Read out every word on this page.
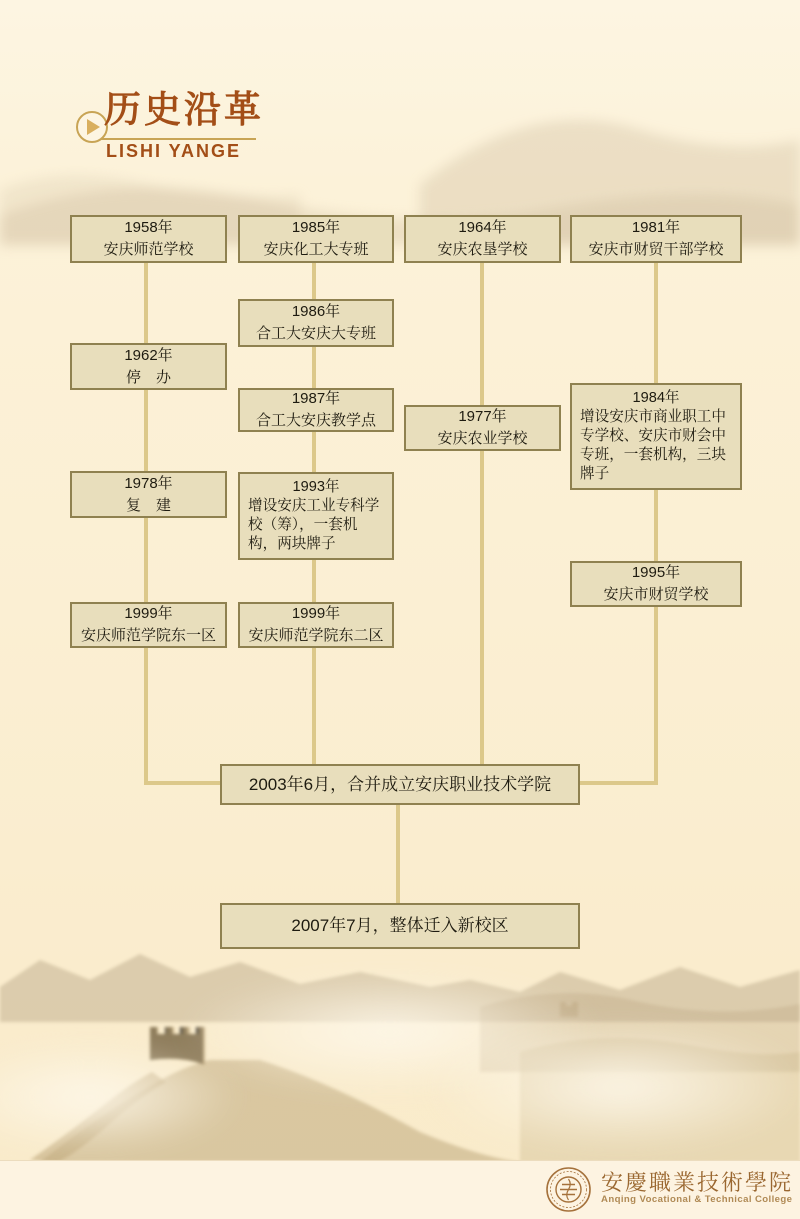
历史沿革
LISHI YANGE
1958年
安庆师范学校
1962年
停　办
1978年
复　建
1999年
安庆师范学院东一区
1985年
安庆化工大专班
1986年
合工大安庆大专班
1987年
合工大安庆教学点
1993年
增设安庆工业专科学校（筹），一套机构，两块牌子
1999年
安庆师范学院东二区
1964年
安庆农垦学校
1977年
安庆农业学校
1981年
安庆市财贸干部学校
1984年
增设安庆市商业职工中专学校、安庆市财会中专班，一套机构，三块牌子
1995年
安庆市财贸学校
2003年6月，合并成立安庆职业技术学院
2007年7月，整体迁入新校区
安慶職業技術學院
Anqing Vocational & Technical College
